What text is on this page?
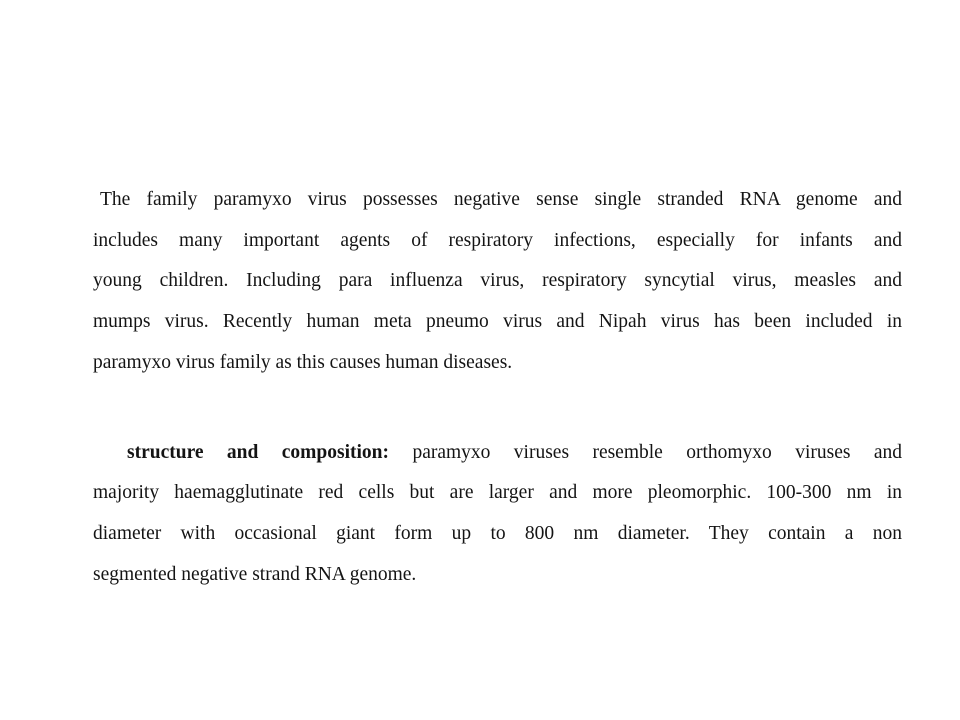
The family paramyxo virus possesses negative sense single stranded RNA genome and
includes many important agents of respiratory infections, especially for infants and
young children. Including para influenza virus, respiratory syncytial virus, measles and
mumps virus. Recently human meta pneumo virus and Nipah virus has been included in
paramyxo virus family as this causes human diseases.
structure and composition: paramyxo viruses resemble orthomyxo viruses and
majority haemagglutinate red cells but are larger and more pleomorphic. 100-300 nm in
diameter with occasional giant form up to 800 nm diameter. They contain a non
segmented negative strand RNA genome.
